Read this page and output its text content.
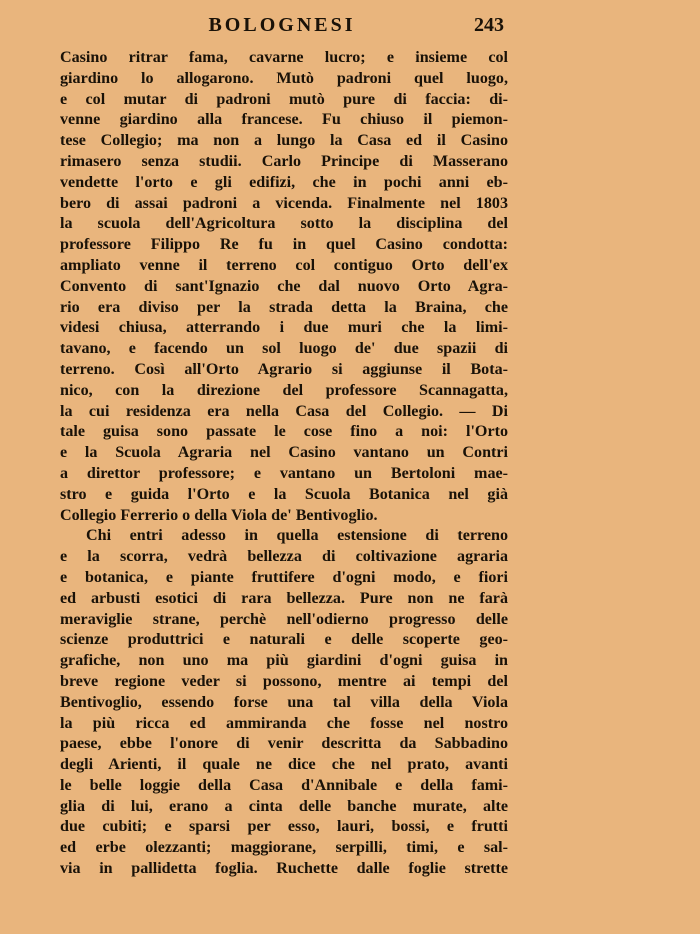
BOLOGNESI	243
Casino ritrar fama, cavarne lucro; e insieme col
giardino lo allogarono. Mutò padroni quel luogo,
e col mutar di padroni mutò pure di faccia: di-
venne giardino alla francese. Fu chiuso il piemon-
tese Collegio; ma non a lungo la Casa ed il Casino
rimasero senza studii. Carlo Principe di Masserano
vendette l'orto e gli edifizi, che in pochi anni eb-
bero di assai padroni a vicenda. Finalmente nel 1803
la scuola dell'Agricoltura sotto la disciplina del
professore Filippo Re fu in quel Casino condotta:
ampliato venne il terreno col contiguo Orto dell'ex
Convento di sant'Ignazio che dal nuovo Orto Agra-
rio era diviso per la strada detta la Braina, che
videsi chiusa, atterrando i due muri che la limi-
tavano, e facendo un sol luogo de' due spazii di
terreno. Così all'Orto Agrario si aggiunse il Bota-
nico, con la direzione del professore Scannagatta,
la cui residenza era nella Casa del Collegio. — Di
tale guisa sono passate le cose fino a noi: l'Orto
e la Scuola Agraria nel Casino vantano un Contri
a direttor professore; e vantano un Bertoloni mae-
stro e guida l'Orto e la Scuola Botanica nel già
Collegio Ferrerio o della Viola de' Bentivoglio.
Chi entri adesso in quella estensione di terreno
e la scorra, vedrà bellezza di coltivazione agraria
e botanica, e piante fruttifere d'ogni modo, e fiori
ed arbusti esotici di rara bellezza. Pure non ne farà
meraviglie strane, perchè nell'odierno progresso delle
scienze produttrici e naturali e delle scoperte geo-
grafiche, non uno ma più giardini d'ogni guisa in
breve regione veder si possono, mentre ai tempi del
Bentivoglio, essendo forse una tal villa della Viola
la più ricca ed ammiranda che fosse nel nostro
paese, ebbe l'onore di venir descritta da Sabbadino
degli Arienti, il quale ne dice che nel prato, avanti
le belle loggie della Casa d'Annibale e della fami-
glia di lui, erano a cinta delle banche murate, alte
due cubiti; e sparsi per esso, lauri, bossi, e frutti
ed erbe olezzanti; maggiorane, serpilli, timi, e sal-
via in pallidetta foglia. Ruchette dalle foglie strette
